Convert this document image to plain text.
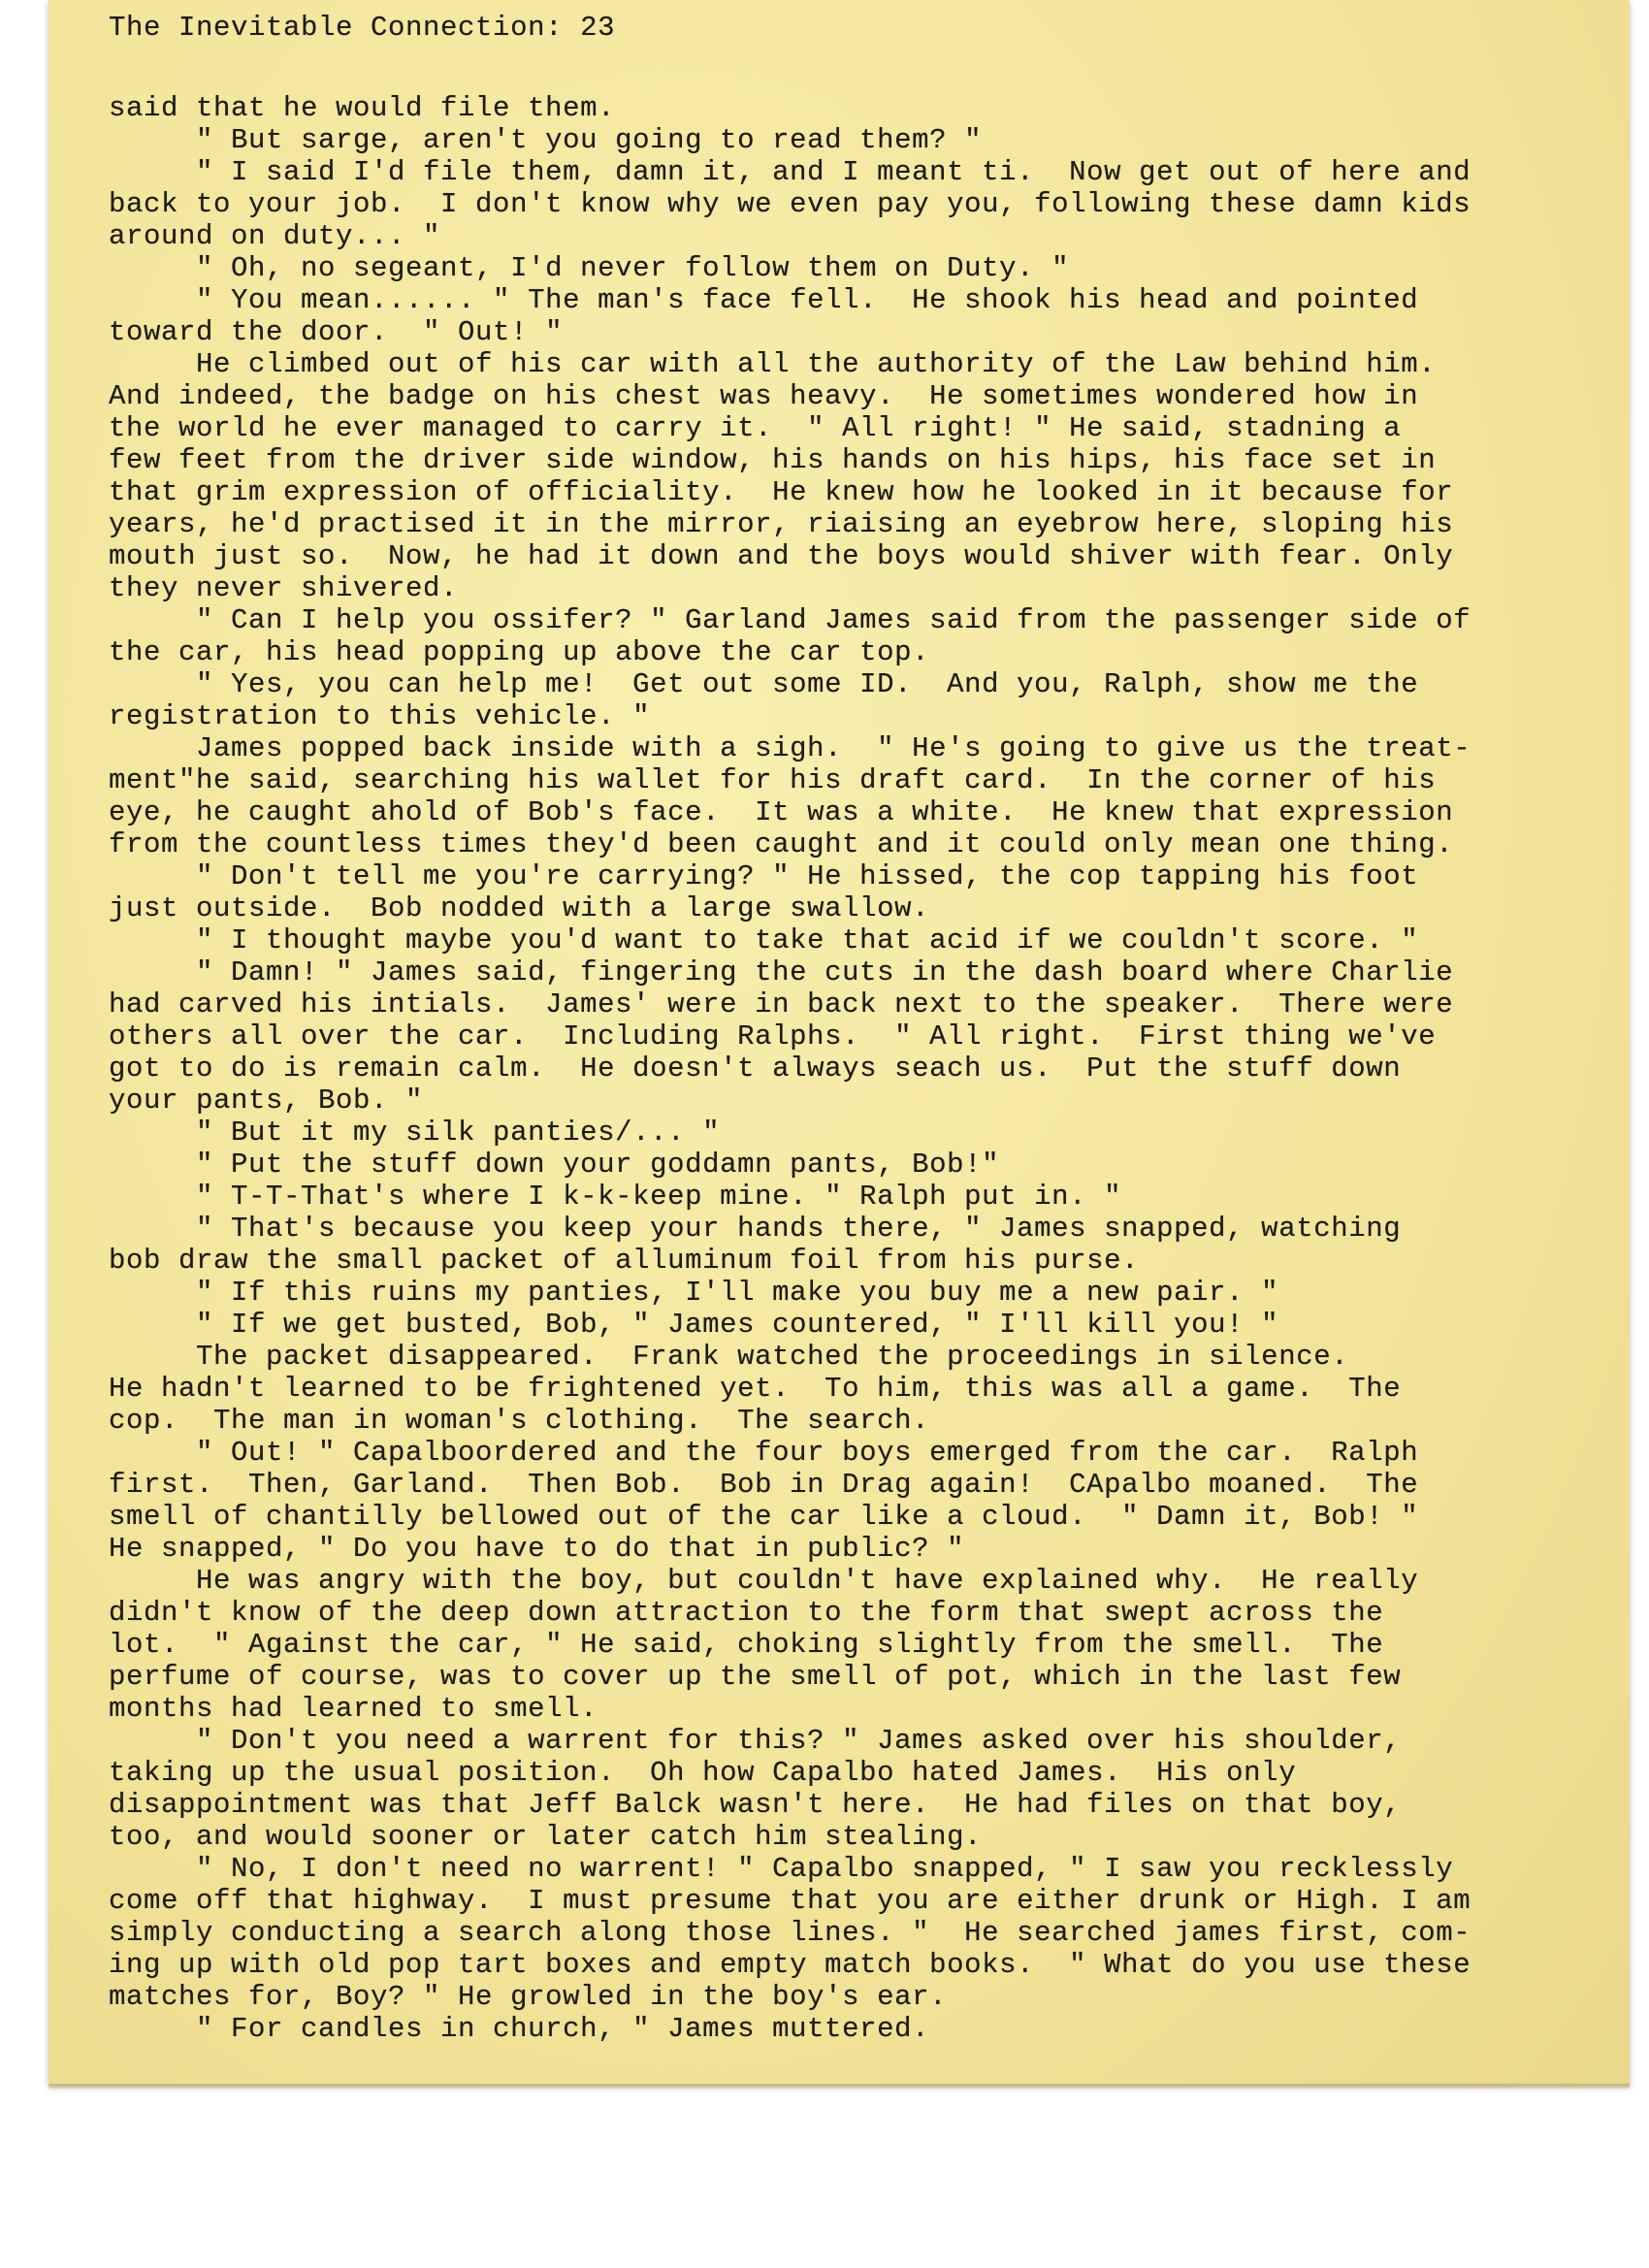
The Inevitable Connection: 23
said that he would file them.
" But sarge, aren't you going to read them? "
" I said I'd file them, damn it, and I meant ti.  Now get out of here and
back to your job.  I don't know why we even pay you, following these damn kids
around on duty... "
" Oh, no segeant, I'd never follow them on Duty. "
" You mean...... " The man's face fell.  He shook his head and pointed
toward the door.  " Out! "
He climbed out of his car with all the authority of the Law behind him.
And indeed, the badge on his chest was heavy.  He sometimes wondered how in
the world he ever managed to carry it.  " All right! " He said, stadning a
few feet from the driver side window, his hands on his hips, his face set in
that grim expression of officiality.  He knew how he looked in it because for
years, he'd practised it in the mirror, riaising an eyebrow here, sloping his
mouth just so.  Now, he had it down and the boys would shiver with fear. Only
they never shivered.
" Can I help you ossifer? " Garland James said from the passenger side of
the car, his head popping up above the car top.
" Yes, you can help me!  Get out some ID.  And you, Ralph, show me the
registration to this vehicle. "
James popped back inside with a sigh.  " He's going to give us the treat-
ment"he said, searching his wallet for his draft card.  In the corner of his
eye, he caught ahold of Bob's face.  It was a white.  He knew that expression
from the countless times they'd been caught and it could only mean one thing.
" Don't tell me you're carrying? " He hissed, the cop tapping his foot
just outside.  Bob nodded with a large swallow.
" I thought maybe you'd want to take that acid if we couldn't score. "
" Damn! " James said, fingering the cuts in the dash board where Charlie
had carved his intials.  James' were in back next to the speaker.  There were
others all over the car.  Including Ralphs.  " All right.  First thing we've
got to do is remain calm.  He doesn't always seach us.  Put the stuff down
your pants, Bob. "
" But it my silk panties/... "
" Put the stuff down your goddamn pants, Bob!"
" T-T-That's where I k-k-keep mine. " Ralph put in. "
" That's because you keep your hands there, " James snapped, watching
bob draw the small packet of alluminum foil from his purse.
" If this ruins my panties, I'll make you buy me a new pair. "
" If we get busted, Bob, " James countered, " I'll kill you! "
The packet disappeared.  Frank watched the proceedings in silence.
He hadn't learned to be frightened yet.  To him, this was all a game.  The
cop.  The man in woman's clothing.  The search.
" Out! " Capalboordered and the four boys emerged from the car.  Ralph
first.  Then, Garland.  Then Bob.  Bob in Drag again!  CApalbo moaned.  The
smell of chantilly bellowed out of the car like a cloud.  " Damn it, Bob! "
He snapped, " Do you have to do that in public? "
He was angry with the boy, but couldn't have explained why.  He really
didn't know of the deep down attraction to the form that swept across the
lot.  " Against the car, " He said, choking slightly from the smell.  The
perfume of course, was to cover up the smell of pot, which in the last few
months had learned to smell.
" Don't you need a warrent for this? " James asked over his shoulder,
taking up the usual position.  Oh how Capalbo hated James.  His only
disappointment was that Jeff Balck wasn't here.  He had files on that boy,
too, and would sooner or later catch him stealing.
" No, I don't need no warrent! " Capalbo snapped, " I saw you recklessly
come off that highway.  I must presume that you are either drunk or High. I am
simply conducting a search along those lines. "  He searched james first, com-
ing up with old pop tart boxes and empty match books.  " What do you use these
matches for, Boy? " He growled in the boy's ear.
" For candles in church, " James muttered.
